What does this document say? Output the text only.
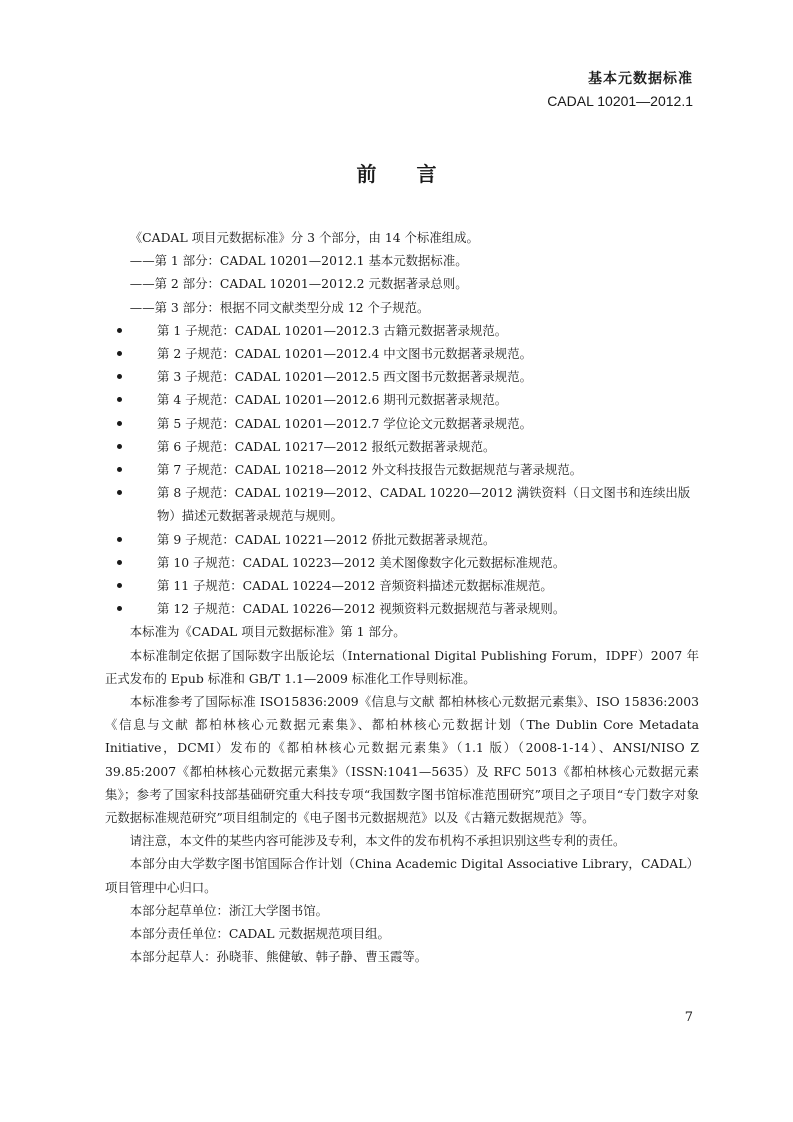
基本元数据标准
CADAL 10201—2012.1
前言

《CADAL 项目元数据标准》分 3 个部分，由 14 个标准组成。

——第 1 部分：CADAL 10201—2012.1 基本元数据标准。

——第 2 部分：CADAL 10201—2012.2 元数据著录总则。

——第 3 部分：根据不同文献类型分成 12 个子规范。

第 1 子规范：CADAL 10201—2012.3 古籍元数据著录规范。
第 2 子规范：CADAL 10201—2012.4 中文图书元数据著录规范。
第 3 子规范：CADAL 10201—2012.5 西文图书元数据著录规范。
第 4 子规范：CADAL 10201—2012.6 期刊元数据著录规范。
第 5 子规范：CADAL 10201—2012.7 学位论文元数据著录规范。
第 6 子规范：CADAL 10217—2012 报纸元数据著录规范。
第 7 子规范：CADAL 10218—2012 外文科技报告元数据规范与著录规范。
第 8 子规范：CADAL 10219—2012、CADAL 10220—2012 满铁资料（日文图书和连续出版物）描述元数据著录规范与规则。
第 9 子规范：CADAL 10221—2012 侨批元数据著录规范。
第 10 子规范：CADAL 10223—2012 美术图像数字化元数据标准规范。
第 11 子规范：CADAL 10224—2012 音频资料描述元数据标准规范。
第 12 子规范：CADAL 10226—2012 视频资料元数据规范与著录规则。

本标准为《CADAL 项目元数据标准》第 1 部分。

本标准制定依据了国际数字出版论坛（International Digital Publishing Forum，IDPF）2007 年正式发布的 Epub 标准和 GB/T 1.1—2009 标准化工作导则标准。

本标准参考了国际标准 ISO15836:2009《信息与文献 都柏林核心元数据元素集》、ISO 15836:2003《信息与文献 都柏林核心元数据元素集》、都柏林核心元数据计划（The Dublin Core Metadata Initiative，DCMI）发布的《都柏林核心元数据元素集》（1.1 版）（2008-1-14）、ANSI/NISO Z 39.85:2007《都柏林核心元数据元素集》（ISSN:1041—5635）及 RFC 5013《都柏林核心元数据元素集》；参考了国家科技部基础研究重大科技专项“我国数字图书馆标准范围研究”项目之子项目“专门数字对象元数据标准规范研究”项目组制定的《电子图书元数据规范》以及《古籍元数据规范》等。

请注意，本文件的某些内容可能涉及专利，本文件的发布机构不承担识别这些专利的责任。

本部分由大学数字图书馆国际合作计划（China Academic Digital Associative Library，CADAL）项目管理中心归口。

本部分起草单位：浙江大学图书馆。

本部分责任单位：CADAL 元数据规范项目组。

本部分起草人：孙晓菲、熊健敏、韩子静、曹玉霞等。

7
